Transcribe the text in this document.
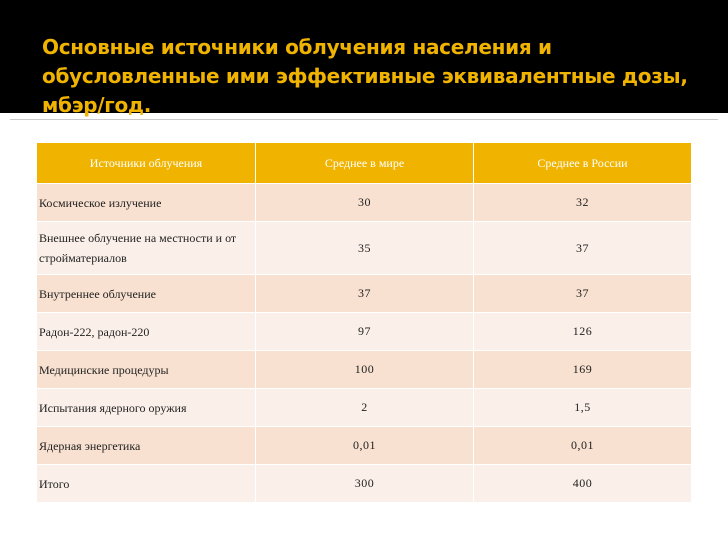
Основные источники облучения населения и обусловленные ими эффективные эквивалентные дозы, мбэр/год.
Источники облучения	Среднее в мире	Среднее в России
Космическое излучение	30	32
Внешнее облучение на местности и от стройматериалов	35	37
Внутреннее облучение	37	37
Радон-222, радон-220	97	126
Медицинские процедуры	100	169
Испытания ядерного оружия	2	1,5
Ядерная энергетика	0,01	0,01
Итого	300	400
